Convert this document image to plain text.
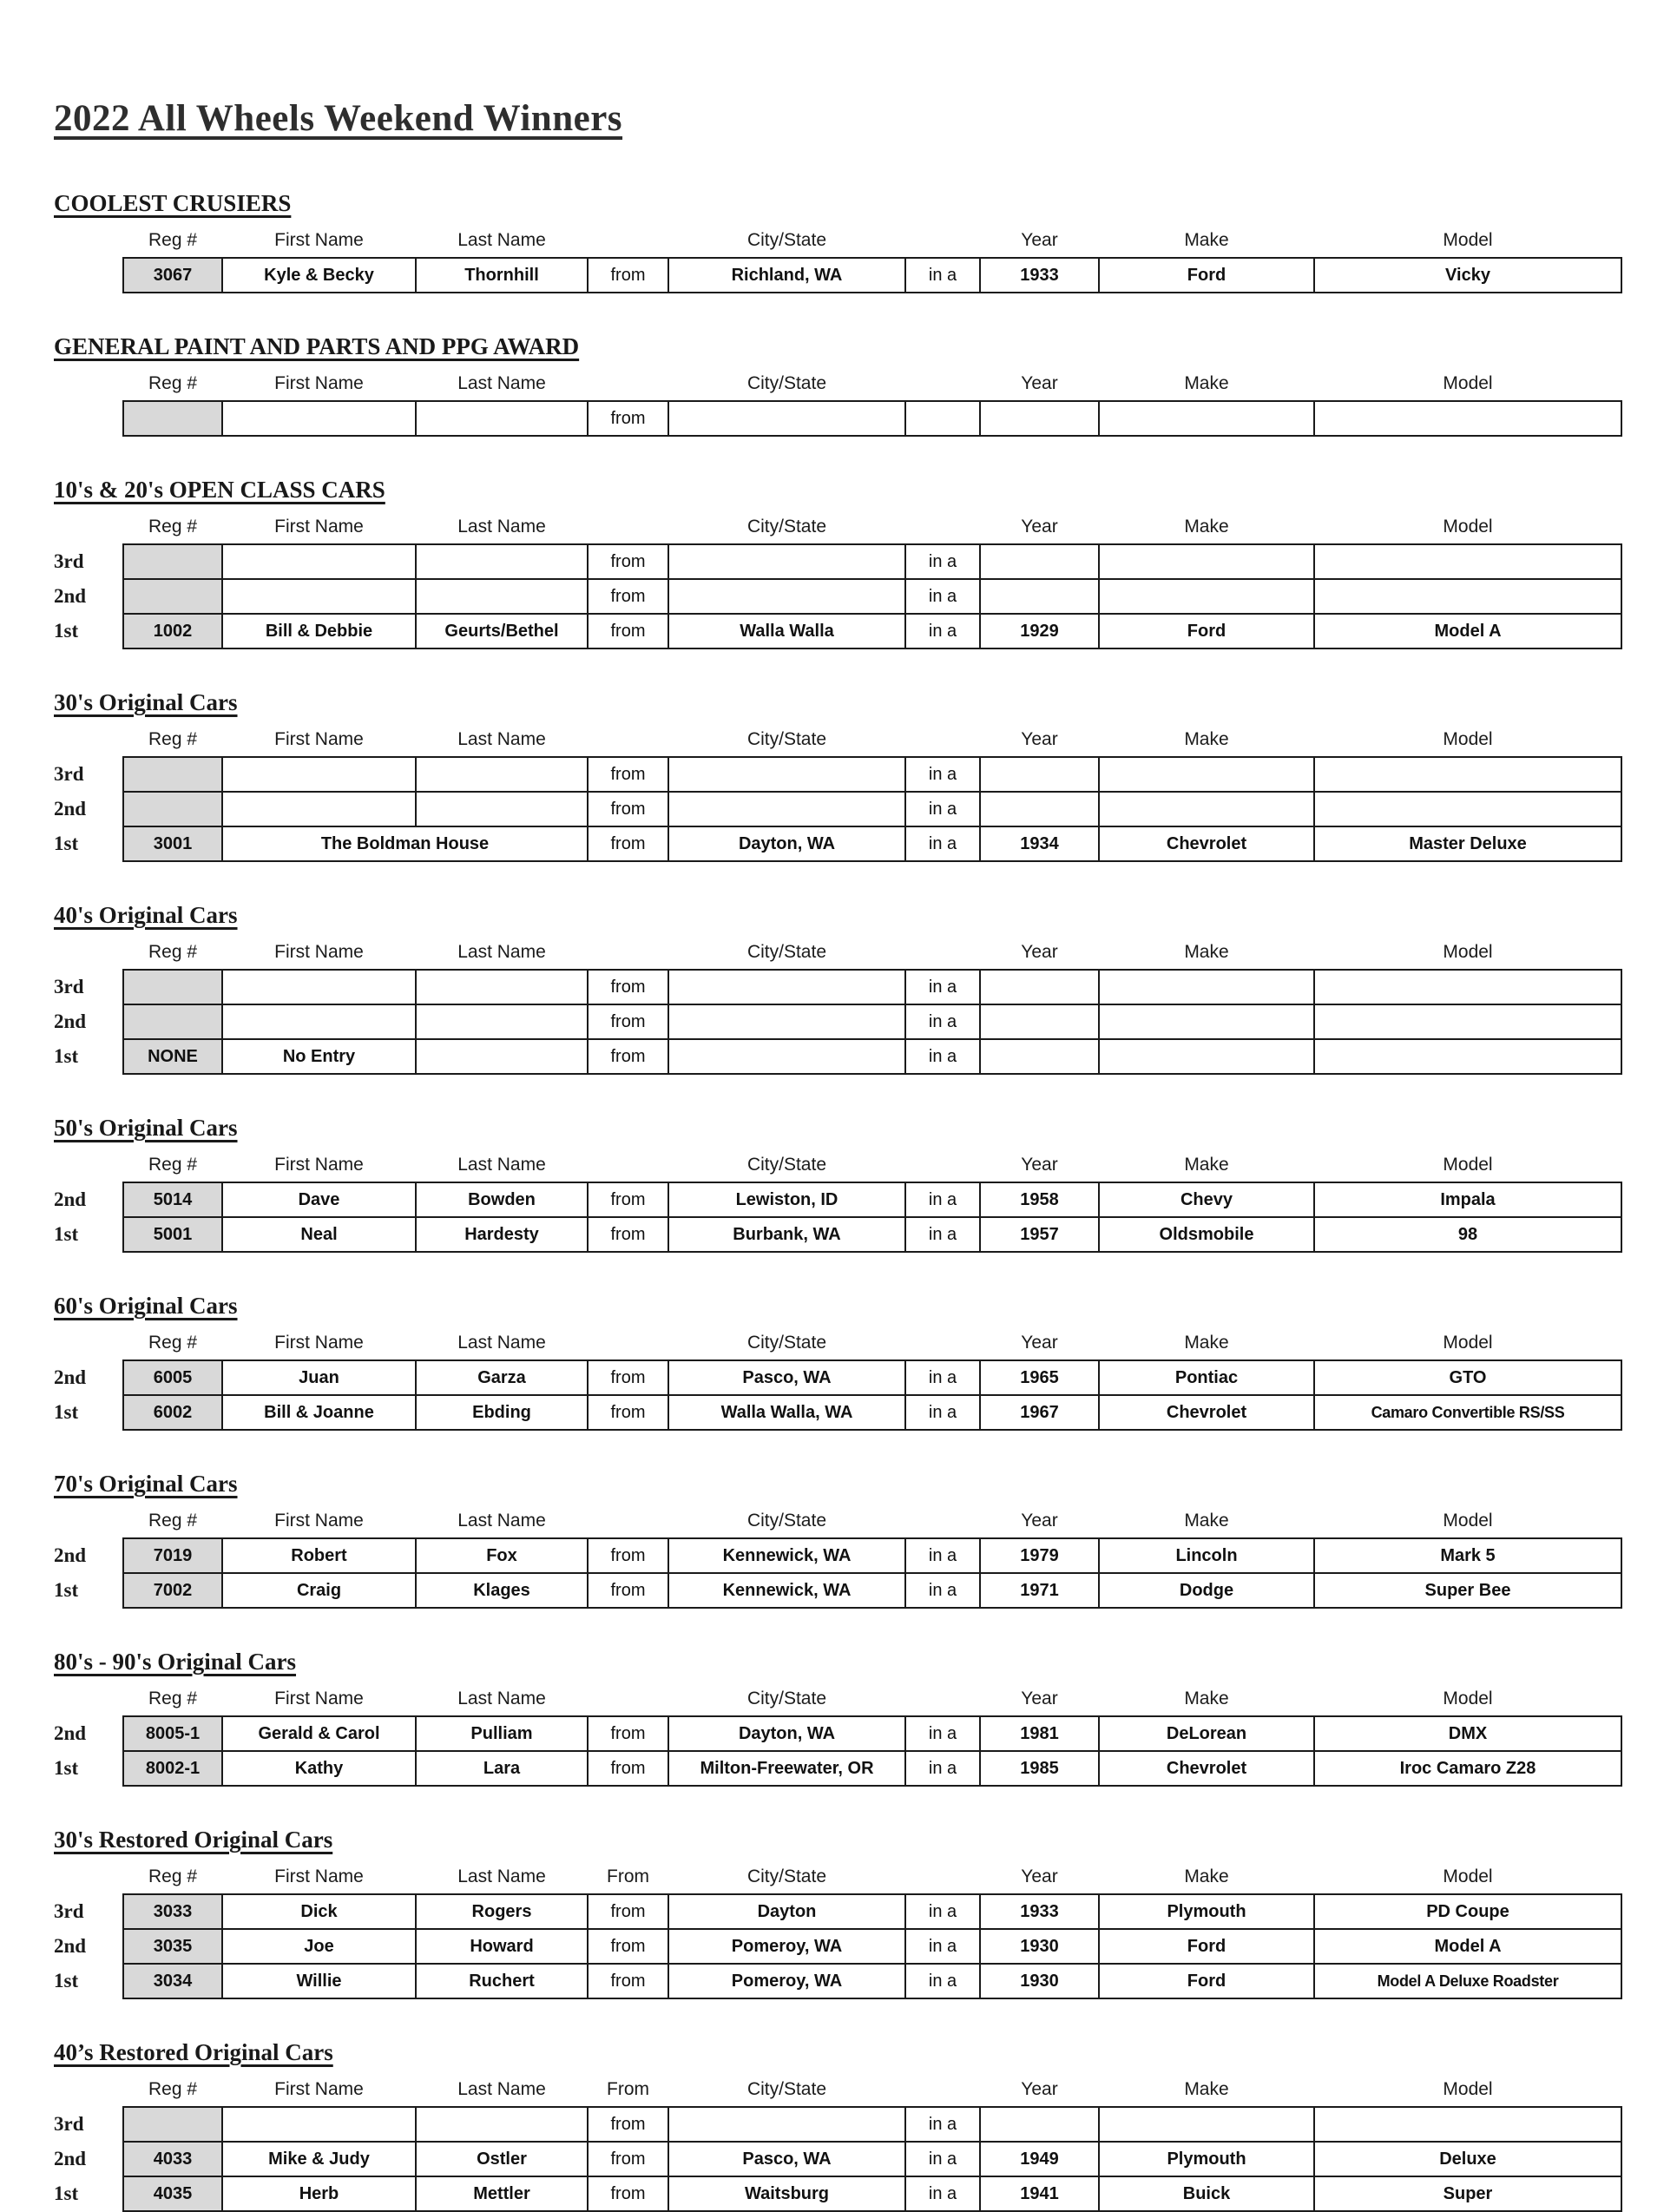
2022 All Wheels Weekend Winners
COOLEST CRUSIERS
	Reg #	First Name	Last Name		City/State		Year	Make	Model
	3067	Kyle & Becky	Thornhill	from	Richland, WA	in a	1933	Ford	Vicky
GENERAL PAINT AND PARTS AND PPG AWARD
	Reg #	First Name	Last Name		City/State		Year	Make	Model
				from					
10's & 20's OPEN CLASS CARS
	Reg #	First Name	Last Name		City/State		Year	Make	Model
3rd				from		in a			
2nd				from		in a			
1st	1002	Bill & Debbie	Geurts/Bethel	from	Walla Walla	in a	1929	Ford	Model A
30's Original Cars
	Reg #	First Name	Last Name		City/State		Year	Make	Model
3rd				from		in a			
2nd				from		in a			
1st	3001	The Boldman House		from	Dayton, WA	in a	1934	Chevrolet	Master Deluxe
40's Original Cars
	Reg #	First Name	Last Name		City/State		Year	Make	Model
3rd				from		in a			
2nd				from		in a			
1st	NONE	No Entry		from		in a			
50's Original Cars
	Reg #	First Name	Last Name		City/State		Year	Make	Model
2nd	5014	Dave	Bowden	from	Lewiston, ID	in a	1958	Chevy	Impala
1st	5001	Neal	Hardesty	from	Burbank, WA	in a	1957	Oldsmobile	98
60's Original Cars
	Reg #	First Name	Last Name		City/State		Year	Make	Model
2nd	6005	Juan	Garza	from	Pasco, WA	in a	1965	Pontiac	GTO
1st	6002	Bill & Joanne	Ebding	from	Walla Walla, WA	in a	1967	Chevrolet	Camaro Convertible RS/SS
70's Original Cars
	Reg #	First Name	Last Name		City/State		Year	Make	Model
2nd	7019	Robert	Fox	from	Kennewick, WA	in a	1979	Lincoln	Mark 5
1st	7002	Craig	Klages	from	Kennewick, WA	in a	1971	Dodge	Super Bee
80's - 90's Original Cars
	Reg #	First Name	Last Name		City/State		Year	Make	Model
2nd	8005-1	Gerald & Carol	Pulliam	from	Dayton, WA	in a	1981	DeLorean	DMX
1st	8002-1	Kathy	Lara	from	Milton-Freewater, OR	in a	1985	Chevrolet	Iroc Camaro Z28
30's Restored Original Cars
	Reg #	First Name	Last Name	From	City/State		Year	Make	Model
3rd	3033	Dick	Rogers	from	Dayton	in a	1933	Plymouth	PD Coupe
2nd	3035	Joe	Howard	from	Pomeroy, WA	in a	1930	Ford	Model A
1st	3034	Willie	Ruchert	from	Pomeroy, WA	in a	1930	Ford	Model A Deluxe Roadster
40’s Restored Original Cars
	Reg #	First Name	Last Name	From	City/State		Year	Make	Model
3rd				from		in a			
2nd	4033	Mike & Judy	Ostler	from	Pasco, WA	in a	1949	Plymouth	Deluxe
1st	4035	Herb	Mettler	from	Waitsburg	in a	1941	Buick	Super
